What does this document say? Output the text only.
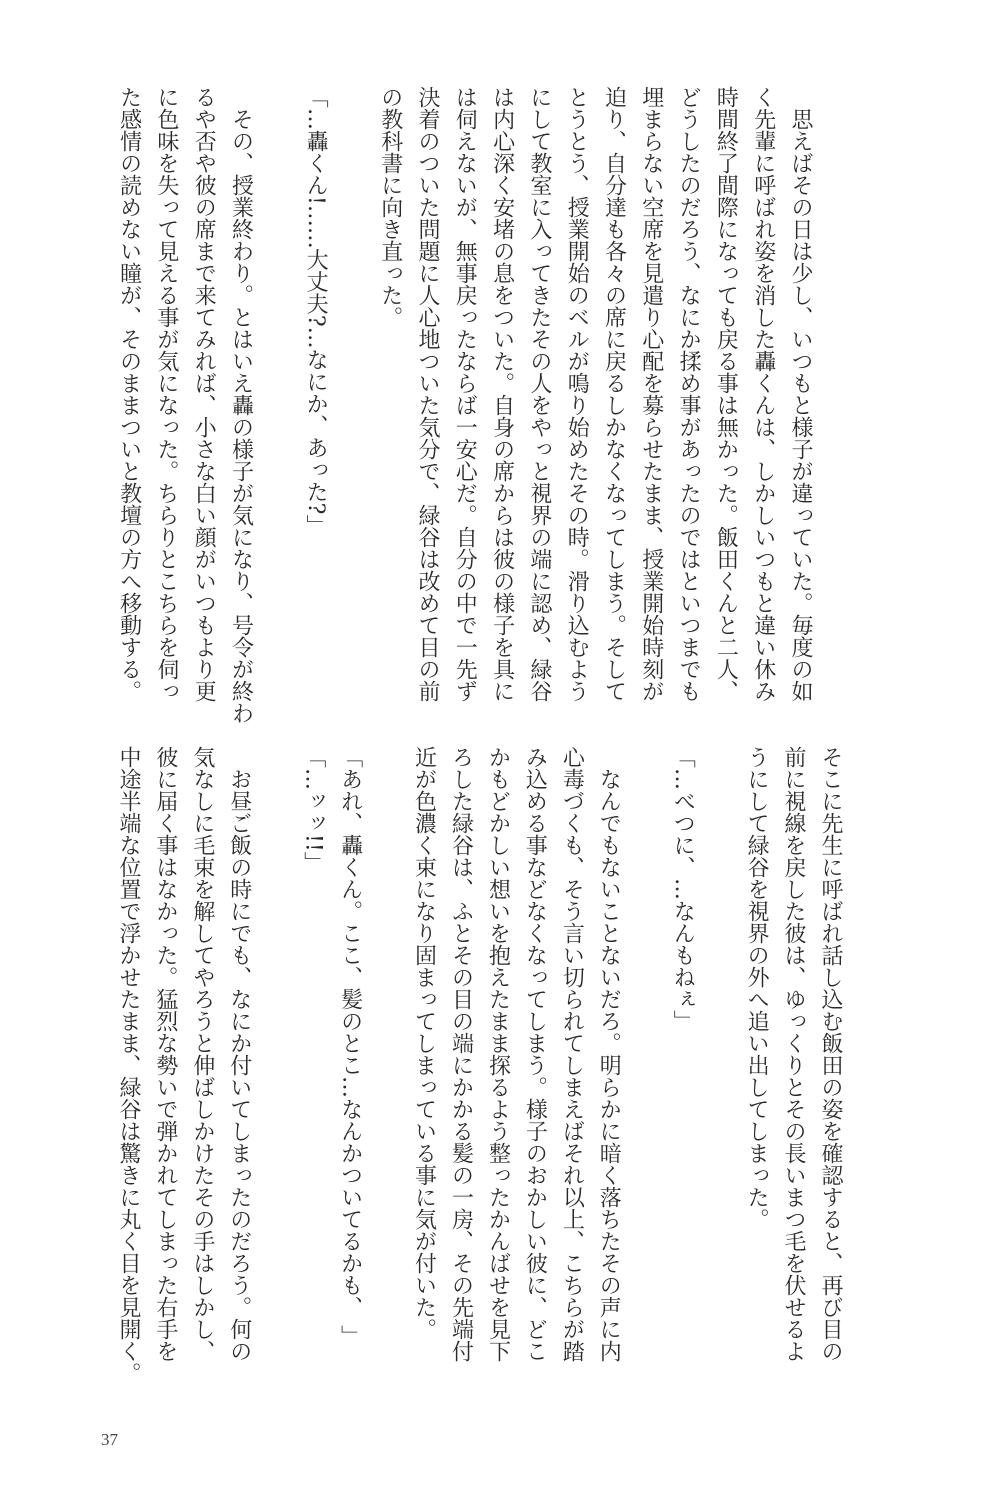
思えばその日は少し、いつもと様子が違っていた。毎度の如
く先輩に呼ばれ姿を消した轟くんは、しかしいつもと違い休み
時間終了間際になっても戻る事は無かった。飯田くんと二人、
どうしたのだろう、なにか揉め事があったのではといつまでも
埋まらない空席を見遣り心配を募らせたまま、授業開始時刻が
迫り、自分達も各々の席に戻るしかなくなってしまう。そして
とうとう、授業開始のベルが鳴り始めたその時。滑り込むよう
にして教室に入ってきたその人をやっと視界の端に認め、緑谷
は内心深く安堵の息をついた。自身の席からは彼の様子を具に
は伺えないが、無事戻ったならば一安心だ。自分の中で一先ず
決着のついた問題に人心地ついた気分で、緑谷は改めて目の前
の教科書に向き直った。
「…轟くん!……大丈夫?…なにか、あった?」
その、授業終わり。とはいえ轟の様子が気になり、号令が終わ
るや否や彼の席まで来てみれば、小さな白い顔がいつもより更
に色味を失って見える事が気になった。ちらりとこちらを伺っ
た感情の読めない瞳が、そのままついと教壇の方へ移動する。
そこに先生に呼ばれ話し込む飯田の姿を確認すると、再び目の
前に視線を戻した彼は、ゆっくりとその長いまつ毛を伏せるよ
うにして緑谷を視界の外へ追い出してしまった。
「…べつに、…なんもねぇ」
なんでもないことないだろ。明らかに暗く落ちたその声に内
心毒づくも、そう言い切られてしまえばそれ以上、こちらが踏
み込める事などなくなってしまう。様子のおかしい彼に、どこ
かもどかしい想いを抱えたまま探るよう整ったかんばせを見下
ろした緑谷は、ふとその目の端にかかる髪の一房、その先端付
近が色濃く束になり固まってしまっている事に気が付いた。
「あれ、轟くん。ここ、髪のとこ…なんかついてるかも、 」
「…ッッ!!」
お昼ご飯の時にでも、なにか付いてしまったのだろう。何の
気なしに毛束を解してやろうと伸ばしかけたその手はしかし、
彼に届く事はなかった。猛烈な勢いで弾かれてしまった右手を
中途半端な位置で浮かせたまま、緑谷は驚きに丸く目を見開く。
37
